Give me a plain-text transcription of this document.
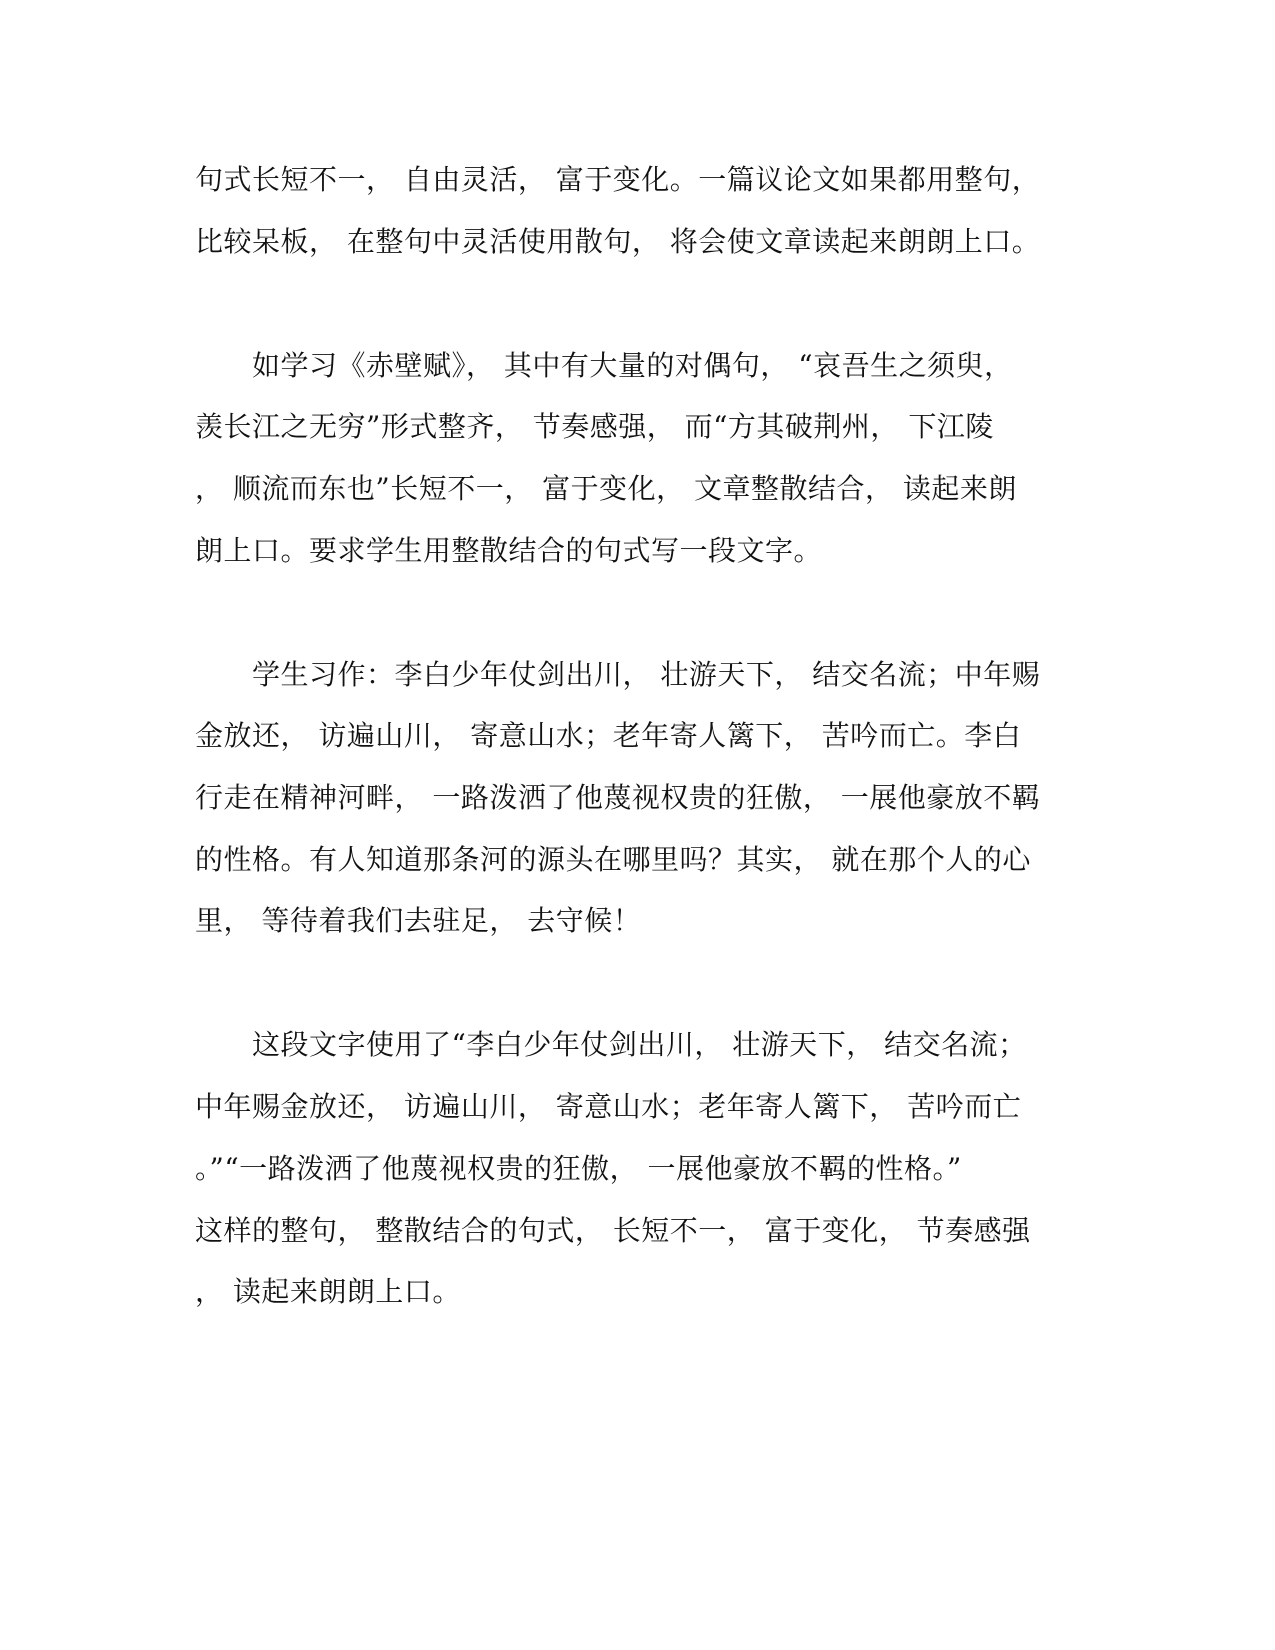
句式长短不一， 自由灵活， 富于变化。一篇议论文如果都用整句，
比较呆板， 在整句中灵活使用散句， 将会使文章读起来朗朗上口。
　　如学习《赤壁赋》， 其中有大量的对偶句， “哀吾生之须臾，
羡长江之无穷”形式整齐， 节奏感强， 而“方其破荆州， 下江陵
， 顺流而东也”长短不一， 富于变化， 文章整散结合， 读起来朗
朗上口。要求学生用整散结合的句式写一段文字。
　　学生习作：李白少年仗剑出川， 壮游天下， 结交名流；中年赐
金放还， 访遍山川， 寄意山水；老年寄人篱下， 苦吟而亡。李白
行走在精神河畔， 一路泼洒了他蔑视权贵的狂傲， 一展他豪放不羁
的性格。有人知道那条河的源头在哪里吗？其实， 就在那个人的心
里， 等待着我们去驻足， 去守候！
　　这段文字使用了“李白少年仗剑出川， 壮游天下， 结交名流；
中年赐金放还， 访遍山川， 寄意山水；老年寄人篱下， 苦吟而亡
。”“一路泼洒了他蔑视权贵的狂傲， 一展他豪放不羁的性格。”
这样的整句， 整散结合的句式， 长短不一， 富于变化， 节奏感强
， 读起来朗朗上口。
